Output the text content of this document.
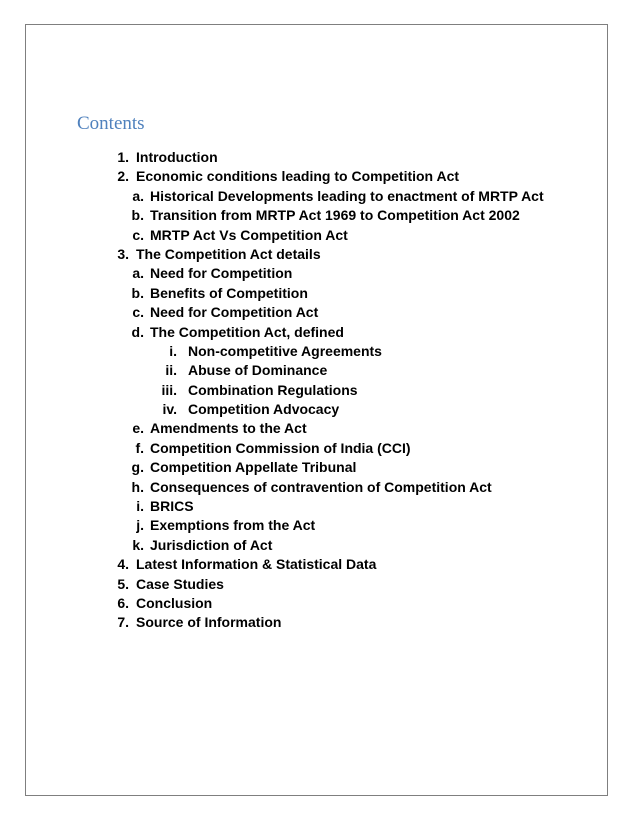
Contents
1. Introduction
2. Economic conditions leading to Competition Act
a. Historical Developments leading to enactment of MRTP Act
b. Transition from MRTP Act 1969 to Competition Act 2002
c. MRTP Act Vs Competition Act
3. The Competition Act details
a. Need for Competition
b. Benefits of Competition
c. Need for Competition Act
d. The Competition Act, defined
i. Non-competitive Agreements
ii. Abuse of Dominance
iii. Combination Regulations
iv. Competition Advocacy
e. Amendments to the Act
f. Competition Commission of India (CCI)
g. Competition Appellate Tribunal
h. Consequences of contravention of Competition Act
i. BRICS
j. Exemptions from the Act
k. Jurisdiction of Act
4. Latest Information & Statistical Data
5. Case Studies
6. Conclusion
7. Source of Information
